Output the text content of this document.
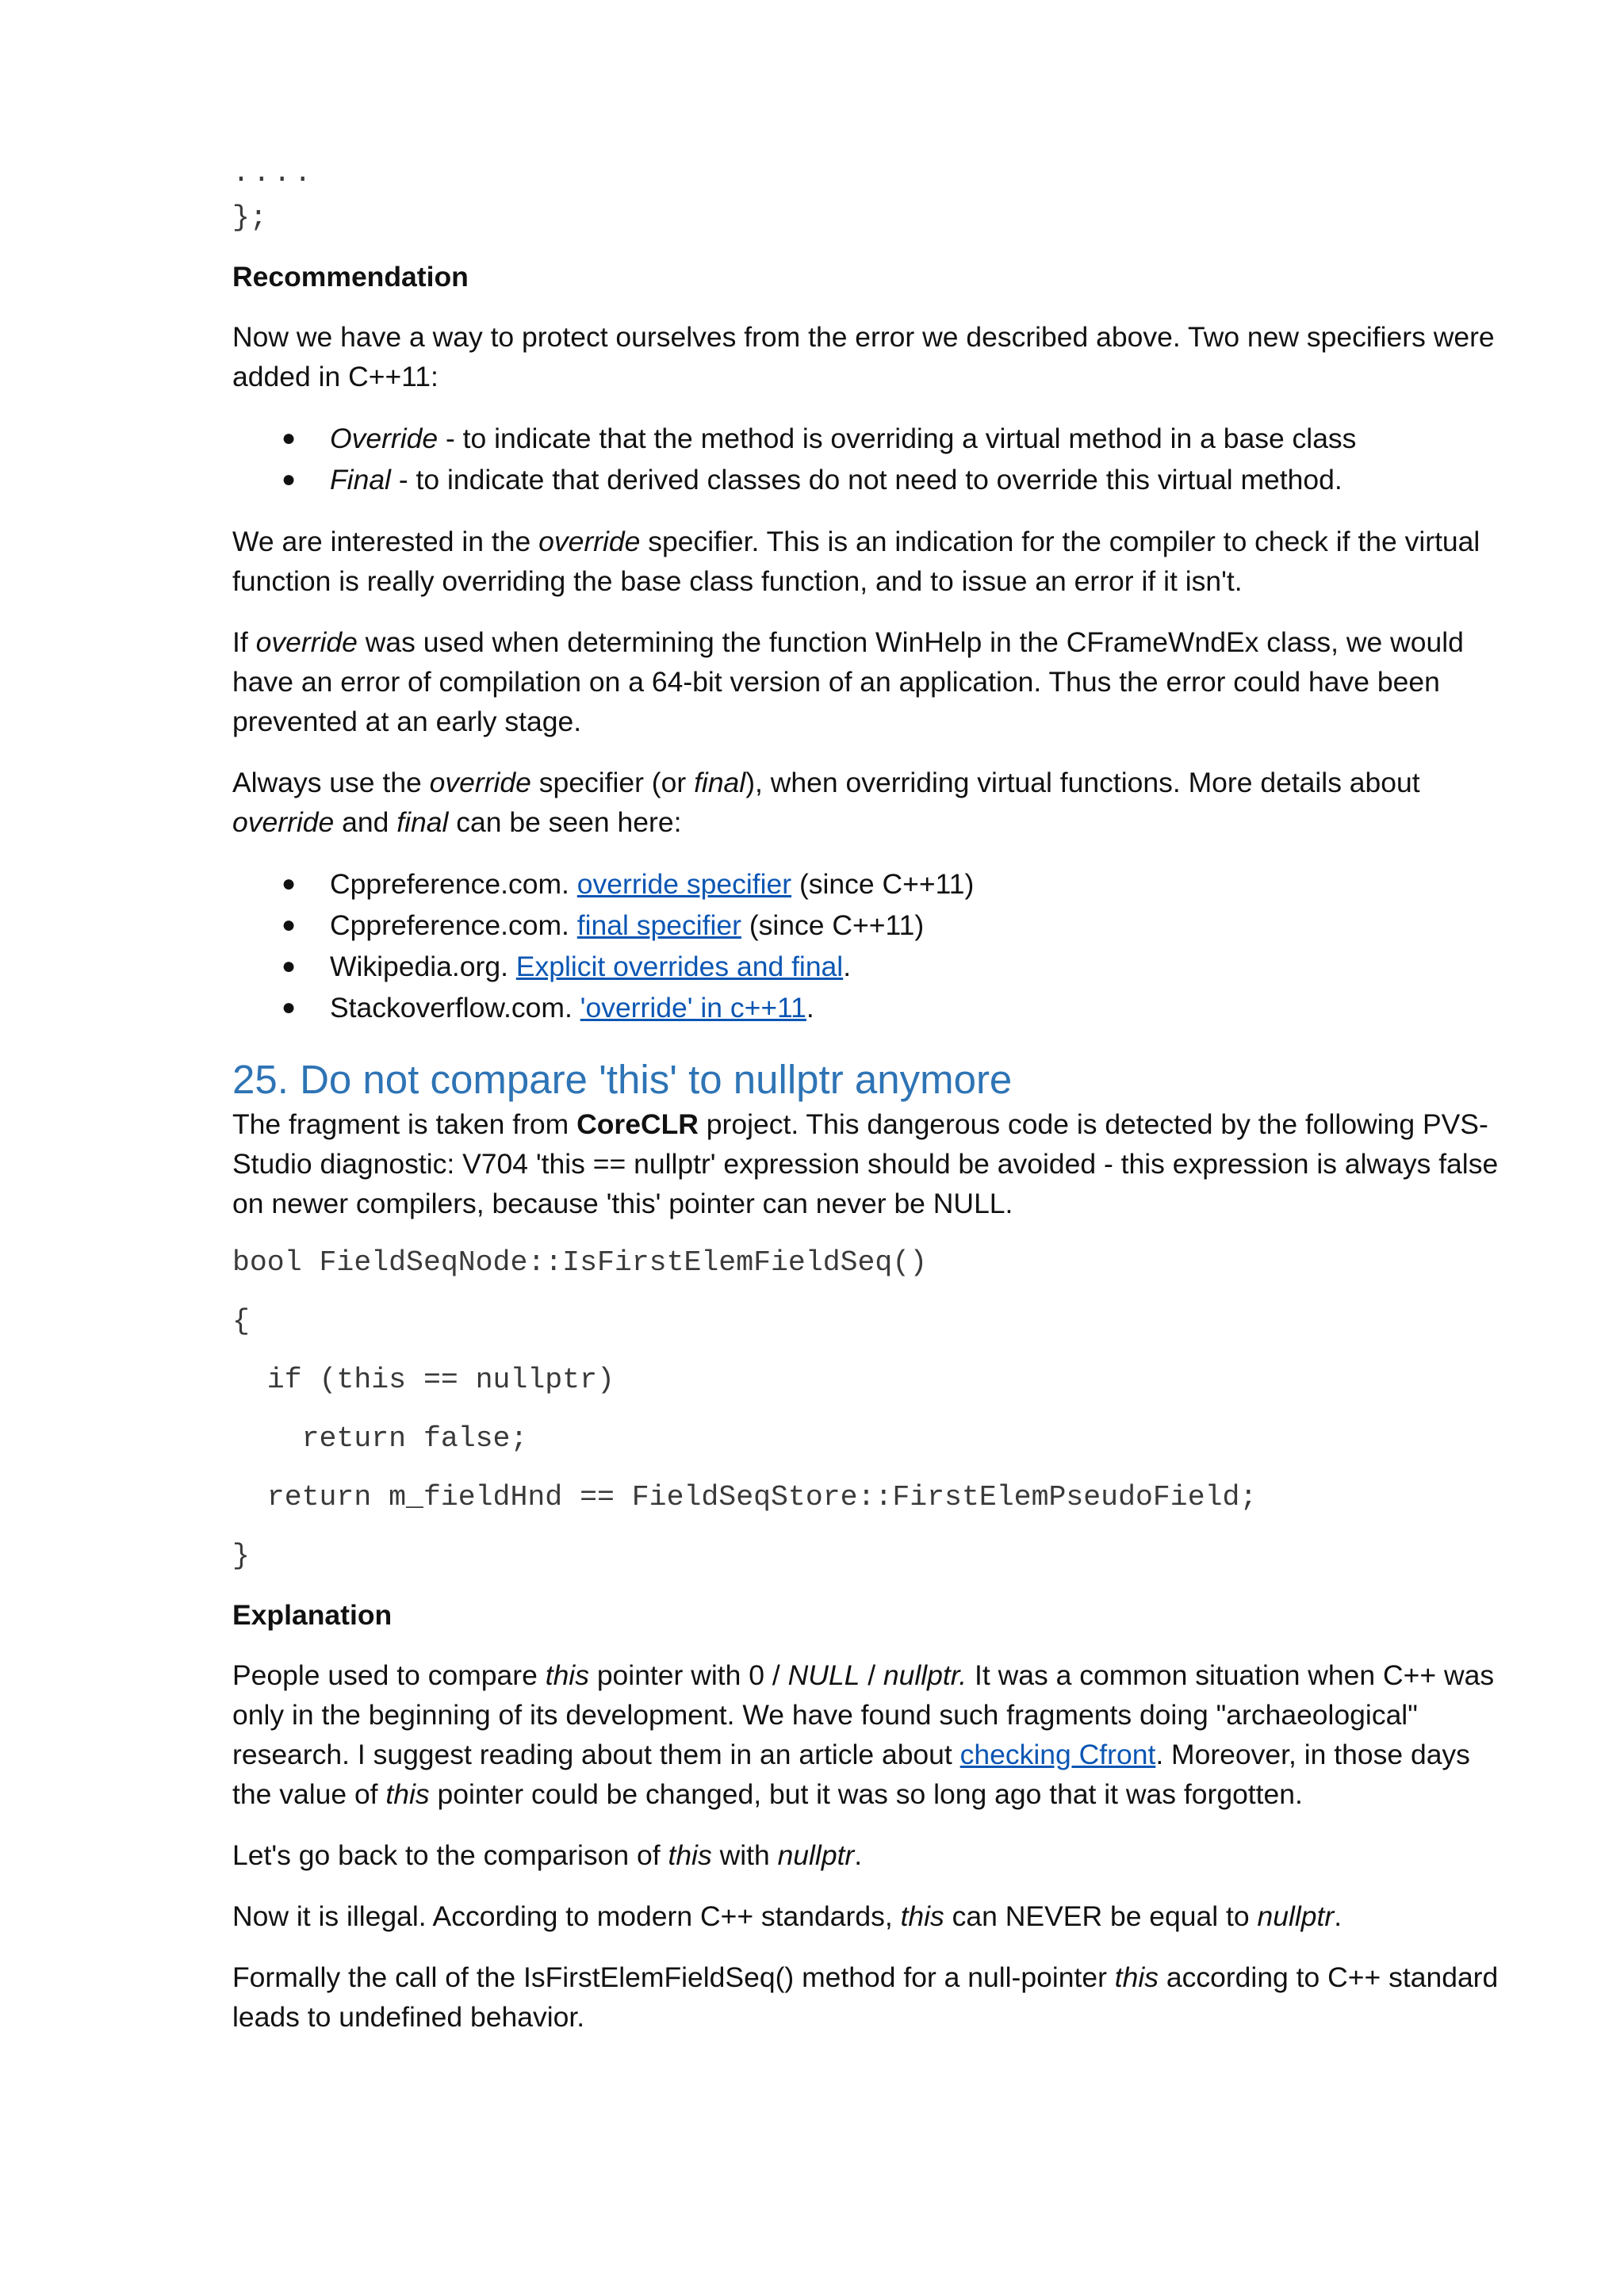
....
};
Recommendation

Now we have a way to protect ourselves from the error we described above. Two new specifiers were added in C++11:

● Override - to indicate that the method is overriding a virtual method in a base class
● Final - to indicate that derived classes do not need to override this virtual method.

We are interested in the override specifier. This is an indication for the compiler to check if the virtual function is really overriding the base class function, and to issue an error if it isn't.

If override was used when determining the function WinHelp in the CFrameWndEx class, we would have an error of compilation on a 64-bit version of an application. Thus the error could have been prevented at an early stage.

Always use the override specifier (or final), when overriding virtual functions. More details about override and final can be seen here:

● Cppreference.com. override specifier (since C++11)
● Cppreference.com. final specifier (since C++11)
● Wikipedia.org. Explicit overrides and final.
● Stackoverflow.com. 'override' in c++11.
25. Do not compare 'this' to nullptr anymore

The fragment is taken from CoreCLR project. This dangerous code is detected by the following PVS-Studio diagnostic: V704 'this == nullptr' expression should be avoided - this expression is always false on newer compilers, because 'this' pointer can never be NULL.

bool FieldSeqNode::IsFirstElemFieldSeq()
{
if (this == nullptr)
return false;
return m_fieldHnd == FieldSeqStore::FirstElemPseudoField;
}
Explanation

People used to compare this pointer with 0 / NULL / nullptr. It was a common situation when C++ was only in the beginning of its development. We have found such fragments doing "archaeological" research. I suggest reading about them in an article about checking Cfront. Moreover, in those days the value of this pointer could be changed, but it was so long ago that it was forgotten.

Let's go back to the comparison of this with nullptr.

Now it is illegal. According to modern C++ standards, this can NEVER be equal to nullptr.

Formally the call of the IsFirstElemFieldSeq() method for a null-pointer this according to C++ standard leads to undefined behavior.
